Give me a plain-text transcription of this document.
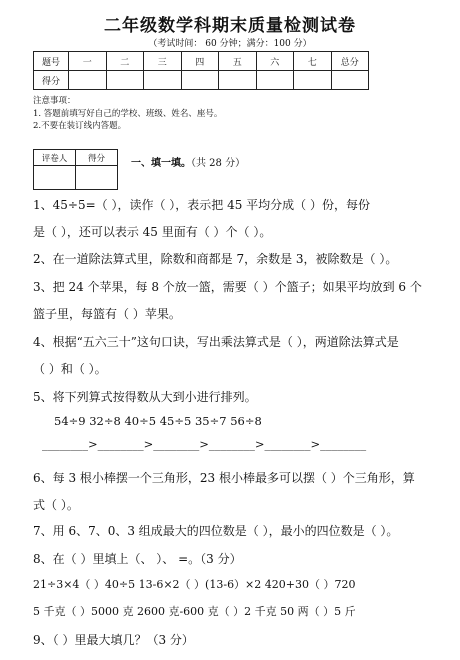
二年级数学科期末质量检测试卷
（考试时间： 60 分钟；满分：100 分）
题号	一	二	三	四	五	六	七	总分
得分								
注意事项：
1. 答题前填写好自己的学校、班级、姓名、座号。
2.不要在装订线内答题。
评卷人	得分
		一、填一填。（共 28 分）
1、45÷5=（ ），读作（ ），表示把 45 平均分成（ ）份，每份
是（ ），还可以表示 45 里面有（ ）个（ ）。
2、在一道除法算式里，除数和商都是 7，余数是 3，被除数是（ ）。
3、把 24 个苹果，每 8 个放一篮，需要（ ）个篮子；如果平均放到 6 个
篮子里，每篮有（ ）苹果。
4、根据“五六三十”这句口诀，写出乘法算式是（ ），两道除法算式是
（ ）和（ ）。
5、将下列算式按得数从大到小进行排列。
54÷9 32÷8 40÷5 45÷5 35÷7 56÷8
________>________>________>________>________>________
6、每 3 根小棒摆一个三角形，23 根小棒最多可以摆（ ）个三角形，算
式（ ）。
7、用 6、7、0、3 组成最大的四位数是（ ），最小的四位数是（ ）。
8、在（ ）里填上（、 ）、 =。（3 分）
21÷3×4（ ）40÷5 13-6×2（ ）(13-6）×2 420+30（ ）720
5 千克（ ）5000 克 2600 克-600 克（ ）2 千克 50 两（ ）5 斤
9、（ ）里最大填几？（3 分）
